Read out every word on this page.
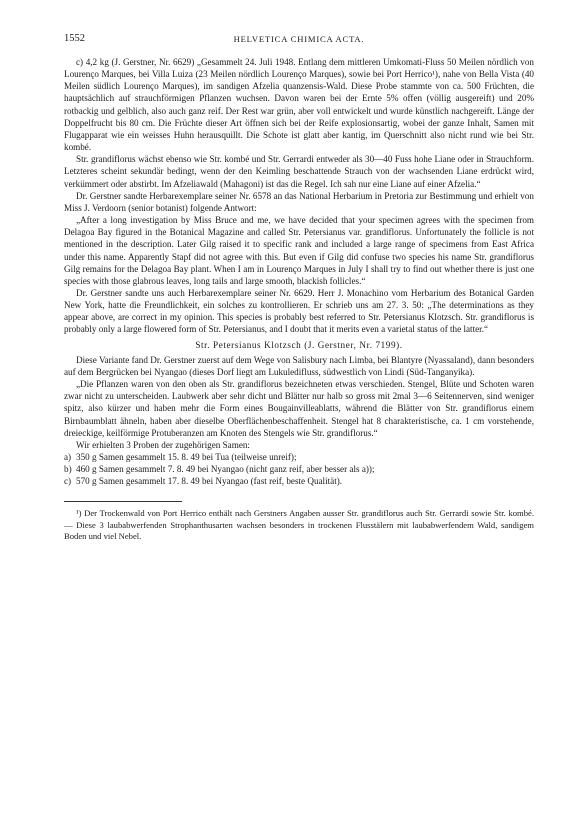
1552	HELVETICA CHIMICA ACTA.

c) 4,2 kg (J. Gerstner, Nr. 6629) „Gesammelt 24. Juli 1948. Entlang dem mittleren Umkomati-Fluss 50 Meilen nördlich von Lourenço Marques, bei Villa Luiza (23 Meilen nördlich Lourenço Marques), sowie bei Port Herrico¹), nahe von Bella Vista (40 Meilen südlich Lourenço Marques), im sandigen Afzelia quanzensis-Wald. Diese Probe stammte von ca. 500 Früchten, die hauptsächlich auf strauchförmigen Pflanzen wuchsen. Davon waren bei der Ernte 5% offen (völlig ausgereift) und 20% rotbackig und gelblich, also auch ganz reif. Der Rest war grün, aber voll entwickelt und wurde künstlich nachgereift. Länge der Doppelfrucht bis 80 cm. Die Früchte dieser Art öffnen sich bei der Reife explosionsartig, wobei der ganze Inhalt, Samen mit Flugapparat wie ein weisses Huhn herausquillt. Die Schote ist glatt aber kantig, im Querschnitt also nicht rund wie bei Str. kombé.

Str. grandiflorus wächst ebenso wie Str. kombé und Str. Gerrardi entweder als 30—40 Fuss hohe Liane oder in Strauchform. Letzteres scheint sekundär bedingt, wenn der den Keimling beschattende Strauch von der wachsenden Liane erdrückt wird, verkümmert oder abstirbt. Im Afzeliawald (Mahagoni) ist das die Regel. Ich sah nur eine Liane auf einer Afzelia.“

Dr. Gerstner sandte Herbarexemplare seiner Nr. 6578 an das National Herbarium in Pretoria zur Bestimmung und erhielt von Miss J. Verdoorn (senior botanist) folgende Antwort:

„After a long investigation by Miss Bruce and me, we have decided that your specimen agrees with the specimen from Delagoa Bay figured in the Botanical Magazine and called Str. Petersianus var. grandiflorus. Unfortunately the follicle is not mentioned in the description. Later Gilg raised it to specific rank and included a large range of specimens from East Africa under this name. Apparently Stapf did not agree with this. But even if Gilg did confuse two species his name Str. grandiflorus Gilg remains for the Delagoa Bay plant. When I am in Lourenço Marques in July I shall try to find out whether there is just one species with those glabrous leaves, long tails and large smooth, blackish follicles.“

Dr. Gerstner sandte uns auch Herbarexemplare seiner Nr. 6629. Herr J. Monachino vom Herbarium des Botanical Garden New York, hatte die Freundlichkeit, ein solches zu kontrollieren. Er schrieb uns am 27. 3. 50: „The determinations as they appear above, are correct in my opinion. This species is probably best referred to Str. Petersianus Klotzsch. Str. grandiflorus is probably only a large flowered form of Str. Petersianus, and I doubt that it merits even a varietal status of the latter.“

Str. Petersianus Klotzsch (J. Gerstner, Nr. 7199).

Diese Variante fand Dr. Gerstner zuerst auf dem Wege von Salisbury nach Limba, bei Blantyre (Nyassaland), dann besonders auf dem Bergrücken bei Nyangao (dieses Dorf liegt am Lukuledifluss, südwestlich von Lindi (Süd-Tanganyika).

„Die Pflanzen waren von den oben als Str. grandiflorus bezeichneten etwas verschieden. Stengel, Blüte und Schoten waren zwar nicht zu unterscheiden. Laubwerk aber sehr dicht und Blätter nur halb so gross mit 2mal 3—6 Seitennerven, sind weniger spitz, also kürzer und haben mehr die Form eines Bougainvilleablatts, während die Blätter von Str. grandiflorus einem Birnbaumblatt ähneln, haben aber dieselbe Oberflächenbeschaffenheit. Stengel hat 8 charakteristische, ca. 1 cm vorstehende, dreieckige, keilförmige Protuberanzen am Knoten des Stengels wie Str. grandiflorus.“

Wir erhielten 3 Proben der zugehörigen Samen:

a) 350 g Samen gesammelt 15. 8. 49 bei Tua (teilweise unreif);
b) 460 g Samen gesammelt 7. 8. 49 bei Nyangao (nicht ganz reif, aber besser als a));
c) 570 g Samen gesammelt 17. 8. 49 bei Nyangao (fast reif, beste Qualität).

¹) Der Trockenwald von Port Herrico enthält nach Gerstners Angaben ausser Str. grandiflorus auch Str. Gerrardi sowie Str. kombé. — Diese 3 laubabwerfenden Strophanthusarten wachsen besonders in trockenen Flusstälern mit laubabwerfendem Wald, sandigem Boden und viel Nebel.
